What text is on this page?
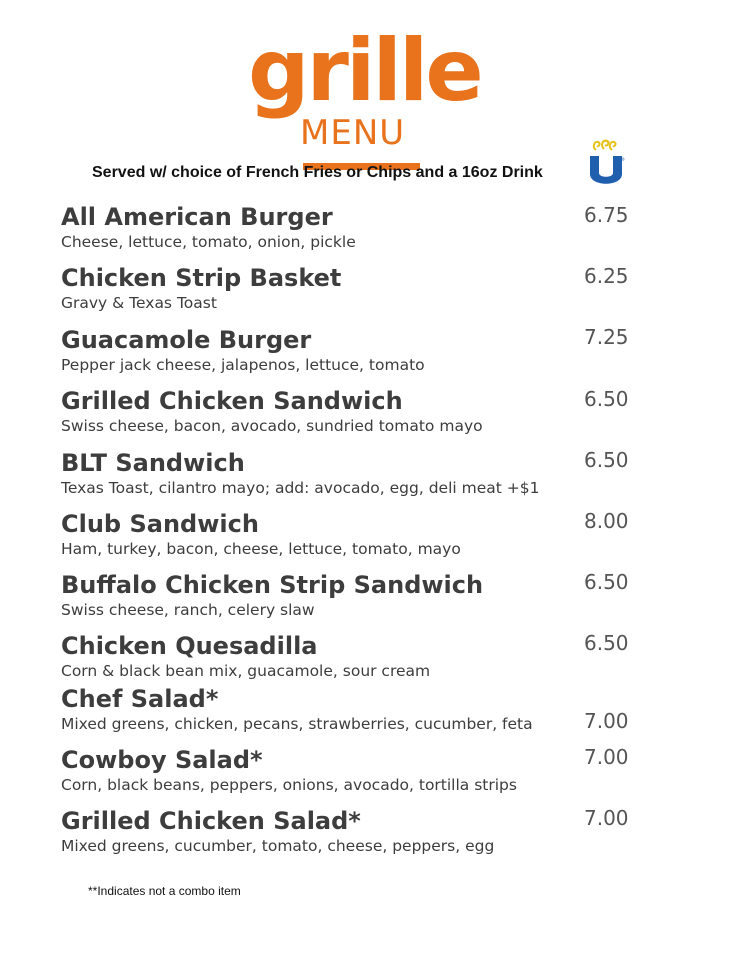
grille
MENU
Served w/ choice of French Fries or Chips and a 16oz Drink
®
All American Burger
Cheese, lettuce, tomato, onion, pickle
6.75
Chicken Strip Basket
Gravy & Texas Toast
6.25
Guacamole Burger
Pepper jack cheese, jalapenos, lettuce, tomato
7.25
Grilled Chicken Sandwich
Swiss cheese, bacon, avocado, sundried tomato mayo
6.50
BLT Sandwich
Texas Toast, cilantro mayo; add: avocado, egg, deli meat +$1
6.50
Club Sandwich
Ham, turkey, bacon, cheese, lettuce, tomato, mayo
8.00
Buffalo Chicken Strip Sandwich
Swiss cheese, ranch, celery slaw
6.50
Chicken Quesadilla
Corn & black bean mix, guacamole, sour cream
6.50
Chef Salad*
Mixed greens, chicken, pecans, strawberries, cucumber, feta	7.00
Cowboy Salad*
Corn, black beans, peppers, onions, avocado, tortilla strips
7.00
Grilled Chicken Salad*
Mixed greens, cucumber, tomato, cheese, peppers, egg
7.00
**Indicates not a combo item
